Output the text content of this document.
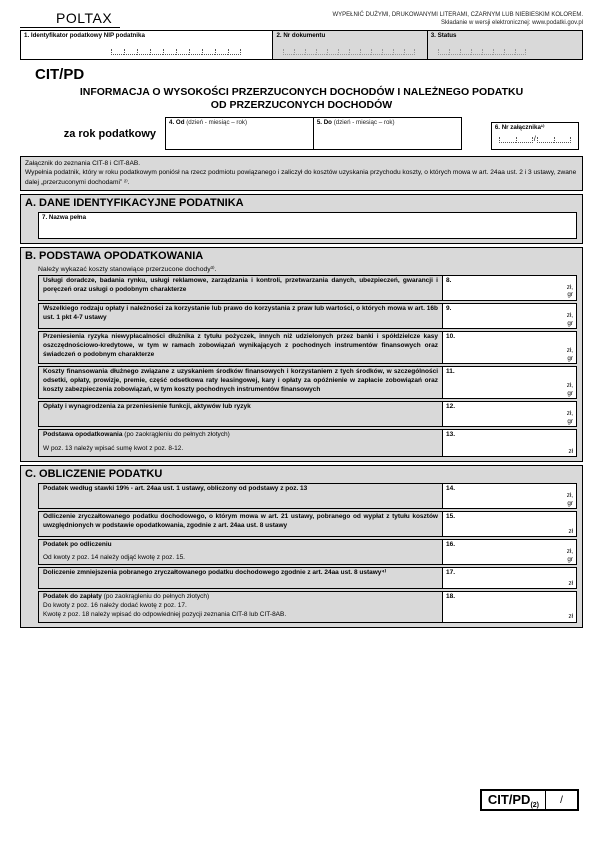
POLTAX	WYPEŁNIĆ DUŻYMI, DRUKOWANYMI LITERAMI, CZARNYM LUB NIEBIESKIM KOLOREM.
Składanie w wersji elektronicznej: www.podatki.gov.pl
1. Identyfikator podatkowy NIP podatnika	2. Nr dokumentu	3. Status
CIT/PD
INFORMACJA O WYSOKOŚCI PRZERZUCONYCH DOCHODÓW I NALEŻNEGO PODATKU
OD PRZERZUCONYCH DOCHODÓW
za rok podatkowy
4. Od (dzień - miesiąc – rok)	5. Do (dzień - miesiąc – rok)
6. Nr załącznika¹⁾
/
Załącznik do zeznania CIT-8 i CIT-8AB.
Wypełnia podatnik, który w roku podatkowym poniósł na rzecz podmiotu powiązanego i zaliczył do kosztów uzyskania przychodu koszty, o których mowa w art. 24aa ust. 2 i 3 ustawy, zwane dalej „przerzuconymi dochodami” ²⁾.
A. DANE IDENTYFIKACYJNE PODATNIKA
7. Nazwa pełna
B. PODSTAWA OPODATKOWANIA
Należy wykazać koszty stanowiące przerzucone dochody³⁾.
Usługi doradcze, badania rynku, usługi reklamowe, zarządzania i kontroli, przetwarzania danych, ubezpieczeń, gwarancji i poręczeń oraz usługi o podobnym charakterze
8.
zł,
gr
Wszelkiego rodzaju opłaty i należności za korzystanie lub prawo do korzystania z praw lub wartości, o których mowa w art. 16b ust. 1 pkt 4-7 ustawy
9.
zł,
gr
Przeniesienia ryzyka niewypłacalności dłużnika z tytułu pożyczek, innych niż udzielonych przez banki i spółdzielcze kasy oszczędnościowo-kredytowe, w tym w ramach zobowiązań wynikających z pochodnych instrumentów finansowych oraz świadczeń o podobnym charakterze
10.
zł,
gr
Koszty finansowania dłużnego związane z uzyskaniem środków finansowych i korzystaniem z tych środków, w szczególności odsetki, opłaty, prowizje, premie, część odsetkowa raty leasingowej, kary i opłaty za opóźnienie w zapłacie zobowiązań oraz koszty zabezpieczenia zobowiązań, w tym koszty pochodnych instrumentów finansowych
11.
zł,
gr
Opłaty i wynagrodzenia za przeniesienie funkcji, aktywów lub ryzyk	12.
zł,
gr
Podstawa opodatkowania (po zaokrągleniu do pełnych złotych)
W poz. 13 należy wpisać sumę kwot z poz. 8-12.
13.
zł
C. OBLICZENIE PODATKU
Podatek według stawki 19% - art. 24aa ust. 1 ustawy, obliczony od podstawy z poz. 13	14.
zł,
gr
Odliczenie zryczałtowanego podatku dochodowego, o którym mowa w art. 21 ustawy, pobranego od wypłat z tytułu kosztów uwzględnionych w podstawie opodatkowania, zgodnie z art. 24aa ust. 8 ustawy
15.
zł
Podatek po odliczeniu
Od kwoty z poz. 14 należy odjąć kwotę z poz. 15.
16.
zł,
gr
Doliczenie zmniejszenia pobranego zryczałtowanego podatku dochodowego zgodnie z art. 24aa ust. 8 ustawy⁴⁾	17.
zł
Podatek do zapłaty (po zaokrągleniu do pełnych złotych)
Do kwoty z poz. 16 należy dodać kwotę z poz. 17.
Kwotę z poz. 18 należy wpisać do odpowiedniej pozycji zeznania CIT-8 lub CIT-8AB.
18.
zł
CIT/$PD_{(2)}$	/
